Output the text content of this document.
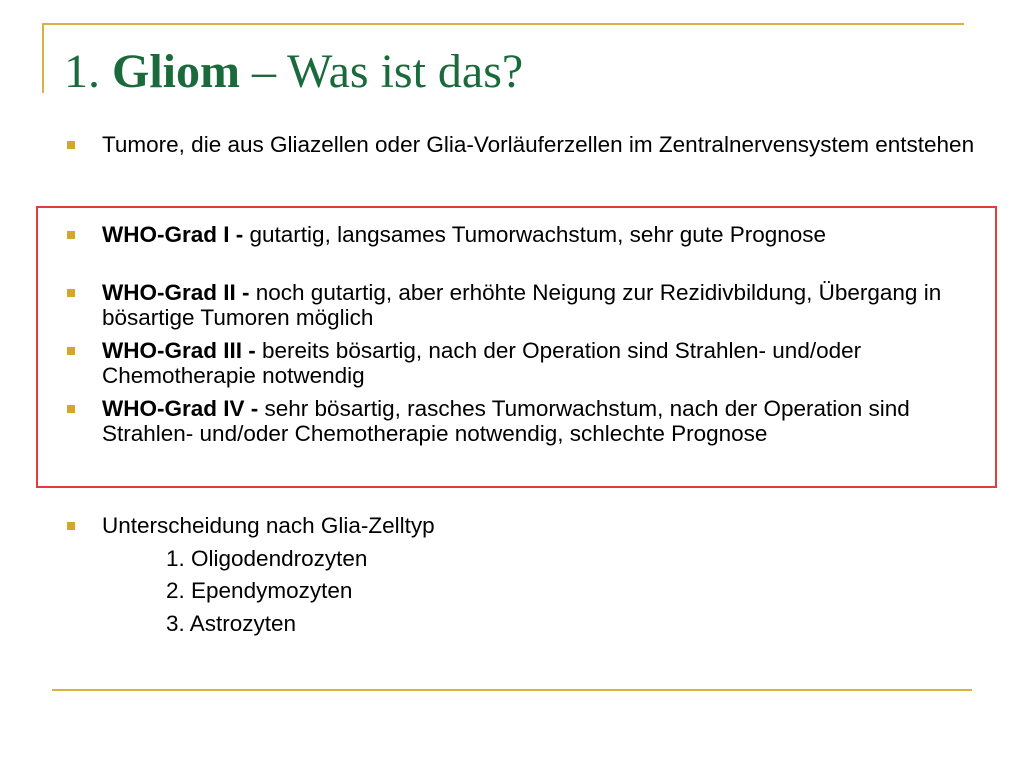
1. Gliom – Was ist das?
Tumore, die aus Gliazellen oder Glia-Vorläuferzellen im Zentralnervensystem entstehen
WHO-Grad I - gutartig, langsames Tumorwachstum, sehr gute Prognose
WHO-Grad II - noch gutartig, aber erhöhte Neigung zur Rezidivbildung, Übergang in bösartige Tumoren möglich
WHO-Grad III - bereits bösartig, nach der Operation sind Strahlen- und/oder Chemotherapie notwendig
WHO-Grad IV - sehr bösartig, rasches Tumorwachstum, nach der Operation sind Strahlen- und/oder Chemotherapie notwendig, schlechte Prognose
Unterscheidung nach Glia-Zelltyp
1. Oligodendrozyten
2. Ependymozyten
3. Astrozyten
